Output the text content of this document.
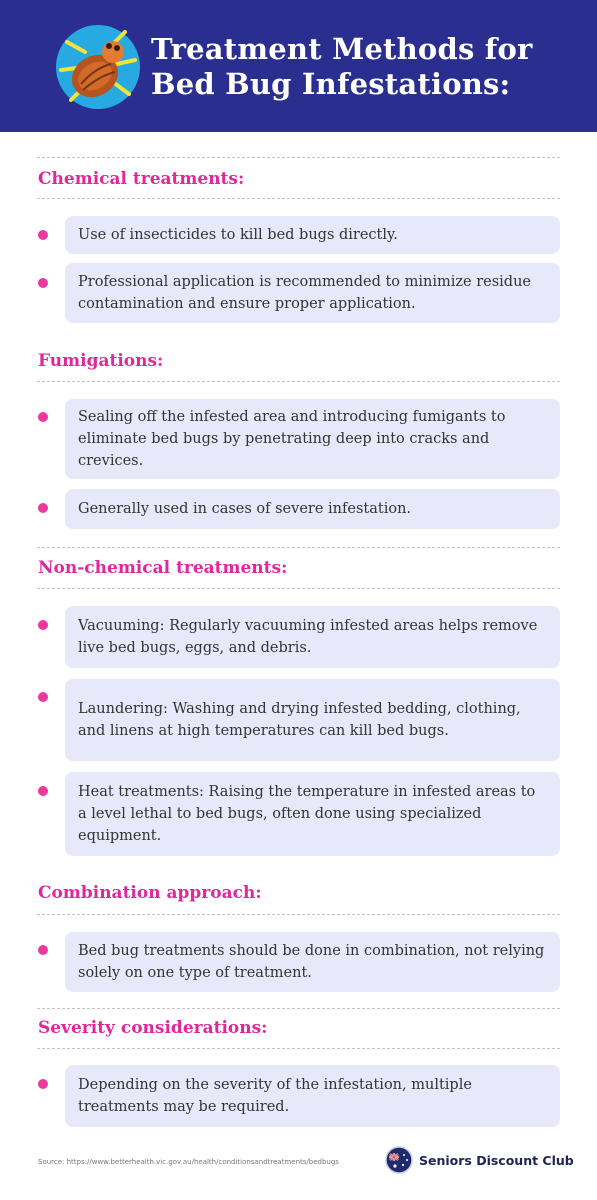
Treatment Methods for
Bed Bug Infestations:
Chemical treatments:
Use of insecticides to kill bed bugs directly.
Professional application is recommended to minimize residue contamination and ensure proper application.
Fumigations:
Sealing off the infested area and introducing fumigants to eliminate bed bugs by penetrating deep into cracks and crevices.
Generally used in cases of severe infestation.
Non-chemical treatments:
Vacuuming: Regularly vacuuming infested areas helps remove live bed bugs, eggs, and debris.
Laundering: Washing and drying infested bedding, clothing, and linens at high temperatures can kill bed bugs.
Heat treatments: Raising the temperature in infested areas to a level lethal to bed bugs, often done using specialized equipment.
Combination approach:
Bed bug treatments should be done in combination, not relying solely on one type of treatment.
Severity considerations:
Depending on the severity of the infestation, multiple treatments may be required.
Source: https://www.betterhealth.vic.gov.au/health/conditionsandtreatments/bedbugs	Seniors Discount Club
